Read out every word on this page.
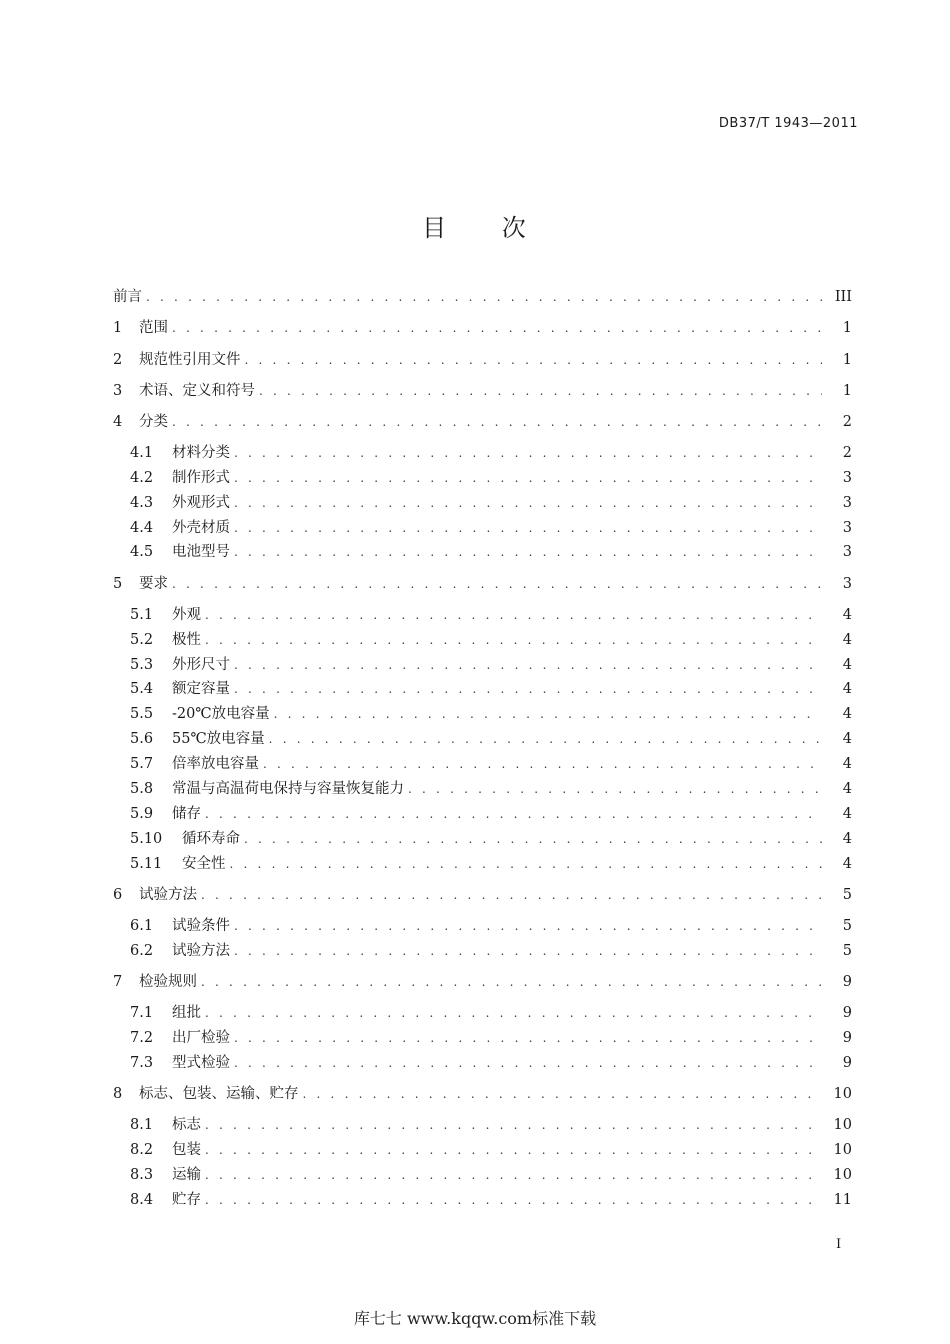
DB37/T 1943—2011
目 次
前言 . . .	III
1	范围 . . .	1
2	规范性引用文件 . . .	1
3	术语、定义和符号 . . .	1
4	分类 . . .	2
4.1	材料分类 . . .	2
4.2	制作形式 . . .	3
4.3	外观形式 . . .	3
4.4	外壳材质 . . .	3
4.5	电池型号 . . .	3
5	要求 . . .	3
5.1	外观 . . .	4
5.2	极性 . . .	4
5.3	外形尺寸 . . .	4
5.4	额定容量 . . .	4
5.5	-20℃放电容量 . . .	4
5.6	55℃放电容量 . . .	4
5.7	倍率放电容量 . . .	4
5.8	常温与高温荷电保持与容量恢复能力 . . .	4
5.9	储存 . . .	4
5.10	循环寿命 . . .	4
5.11	安全性 . . .	4
6	试验方法 . . .	5
6.1	试验条件 . . .	5
6.2	试验方法 . . .	5
7	检验规则 . . .	9
7.1	组批 . . .	9
7.2	出厂检验 . . .	9
7.3	型式检验 . . .	9
8	标志、包装、运输、贮存 . . .	10
8.1	标志 . . .	10
8.2	包装 . . .	10
8.3	运输 . . .	10
8.4	贮存 . . .	11
I
库七七 www.kqqw.com标准下载
